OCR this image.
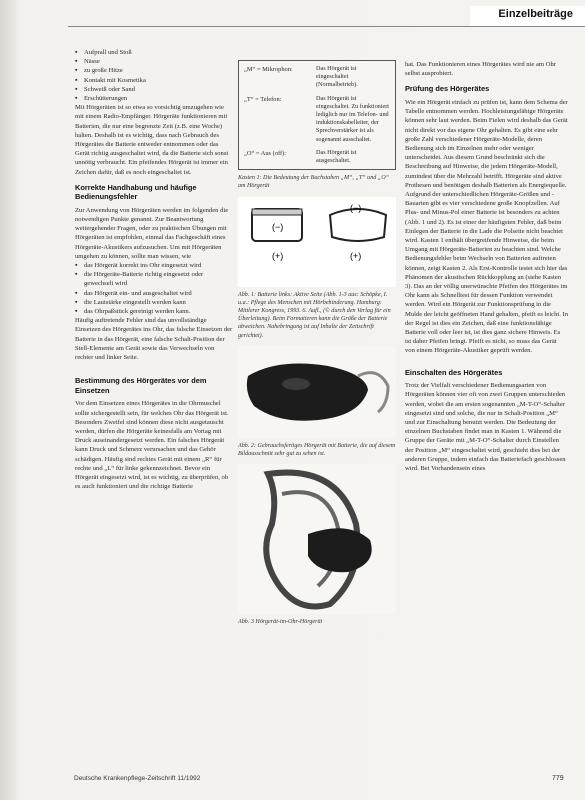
Einzelbeiträge
▪ Aufprall und Stoß
▪ Nässe
▪ zu große Hitze
▪ Kontakt mit Kosmetika
▪ Schweiß oder Sand
▪ Erschütterungen

Mit Hörgeräten ist so etwa so vorsichtig umzugehen wie mit einem Radio-Empfänger. Hörgeräte funktionieren mit Batterien, die nur eine begrenzte Zeit (z.B. eine Woche) halten. Deshalb ist es wichtig, dass nach Gebrauch des Hörgerätes die Batterie entweder entnommen oder das Gerät richtig ausgeschaltet wird, da die Batterie sich sonst unnötig verbraucht. Ein pfeifendes Hörgerät ist immer ein Zeichen dafür, daß es noch eingeschaltet ist.

Korrekte Handhabung und häufige Bedienungsfehler

Zur Anwendung von Hörgeräten werden im folgenden die notwendigen Punkte genannt. Zur Beantwortung weitergehender Fragen, oder zu praktischen Übungen mit Hörgeräten ist empfohlen, einmal das Fachgeschäft eines Hörgeräte-Akustikers aufzusuchen. Um mit Hörgeräten umgehen zu können, sollte man wissen, wie

▪ das Hörgerät korrekt ins Ohr eingesetzt wird
▪ die Hörgeräte-Batterie richtig eingesetzt oder gewechselt wird
▪ das Hörgerät ein- und ausgeschaltet wird
▪ die Lautstärke eingestellt werden kann
▪ das Ohrpaßstück gereinigt werden kann.

Häufig auftretende Fehler sind das unvollständige Einsetzen des Hörgerätes ins Ohr, das falsche Einsetzen der Batterie in das Hörgerät, eine falsche Schalt-Position der Stell-Elemente am Gerät sowie das Verwechseln von rechter und linker Seite.

Bestimmung des Hörgerätes vor dem Einsetzen

Vor dem Einsetzen eines Hörgerätes in die Ohrmuschel sollte sichergestellt sein, für welches Ohr das Hörgerät ist. Besonders Zweifel sind können diese nicht ausgetauscht werden, dürfen die Hörgeräte keinesfalls am Vortag mit Druck auseinandergesetzt werden. Ein falsches Hörgerät kann Druck und Schmerz verursachen und das Gehör schädigen. Häufig sind rechtes Gerät mit einem „R“ für rechte und „L“ für linke gekennzeichnet. Bevor ein Hörgerät eingesetzt wird, ist es wichtig, zu überprüfen, ob es auch funktioniert und die richtige Batterie

„M“ = Mikrophon:	Das Hörgerät ist eingeschaltet (Normalbetrieb).
„T“ = Telefon:	Das Hörgerät ist eingeschaltet. Zu funktioniert lediglich nur im Telefon- und induktionskabelleiter, der Sprechverstärker ist als sogenannt ausschaltet.
„O“ = Aus (off):	Das Hörgerät ist ausgeschaltet.
Kasten 1: Die Bedeutung der Buchstaben „M“, „T“ und „O“ am Hörgerät
(−)
(−)
(+)	(+)
Abb. 1: Batterie links: Aktive Seite (Abb. 1-3 aus: Schöpke, I. u.a.: Pflege des Menschen mit Hörbehinderung. Hamburg: Mittlerer Kongress, 1993. 6. Aufl., (© durch den Verlag für ein Überleitung). Beim Formatieren kann die Größe der Batterie abweichen. Nahebringung ist auf Inhalte der Zeitschrift gerichtet).
Abb. 2: Gebrauchsfertiges Hörgerät mit Batterie, die auf diesem Bildausschnitt sehr gut zu sehen ist.
Abb. 3 Hörgerät-im-Ohr-Hörgerät

hat. Das Funktionieren eines Hörgerätes wird nie am Ohr selbst ausprobiert.

Prüfung des Hörgerätes

Wie ein Hörgerät einfach zu prüfen ist, kann dem Schema der Tabelle entnommen werden. Hochleistungsfähige Hörgeräte können sehr laut werden. Beim Fielen wird deshalb das Gerät nicht direkt vor das eigene Ohr gehalten. Es gibt eine sehr große Zahl verschiedener Hörgeräte-Modelle, deren Bedienung sich im Einzelnen mehr oder weniger unterscheidet. Aus diesem Grund beschränkt sich die Beschreibung auf Hinweise, die jedem Hörgeräte-Modell, zumindest über die Mehrzahl betrifft. Hörgeräte sind aktive Prothesen und benötigen deshalb Batterien als Energiequelle. Aufgrund der unterschiedlichen Hörgeräte-Größen und -Bauarten gibt es vier verschiedene große Knopfzellen. Auf Plus- und Minus-Pol einer Batterie ist besonders zu achten (Abb. 1 und 2). Es ist einer der häufigsten Fehler, daß beim Einlegen der Batterie in die Lade die Polseite nicht beachtet wird. Kasten 1 enthält übergreifende Hinweise, die beim Umgang mit Hörgeräte-Batterien zu beachten sind. Welche Bedienungsfehler beim Wechseln von Batterien auftreten können, zeigt Kasten 2. Als Erst-Kontrolle testet sich hier das Phänomen der akustischen Rückkopplung an (siehe Kasten 3). Das an der völlig unerwünschte Pfeifen des Hörgerätes im Ohr kann als Schnelltest für dessen Funktion verwendet werden. Wird ein Hörgerät zur Funktionsprüfung in die Mulde der leicht geöffneten Hand gehalten, pfeift es leicht. In der Regel ist dies ein Zeichen, daß eine funktionsfähige Batterie voll oder leer ist, ist dies ganz sichere Hinweis. Es ist daher Pfeifen bringt. Pfeift es nicht, so muss das Gerät von einem Hörgeräte-Akustiker geprüft werden.

Einschalten des Hörgerätes

Trotz der Vielfalt verschiedener Bedienungsarten von Hörgeräten können vier oft von zwei Gruppen unterschieden werden, wobei die am ersten sogenannten „M-T-O“-Schalter eingesetzt sind und solche, die nur in Schalt-Position „M“ und zur Einschaltung benutzt werden. Die Bedeutung der einzelnen Buchstaben findet man in Kasten 1. Während die Gruppe der Geräte mit „M-T-O“-Schalter durch Einstellen der Position „M“ eingeschaltet wird, geschieht dies bei der anderen Gruppe, indem einfach das Batteriefach geschlossen wird. Bei Vorhandensein eines

Deutsche Krankenpflege-Zeitschrift 11/1992	779
